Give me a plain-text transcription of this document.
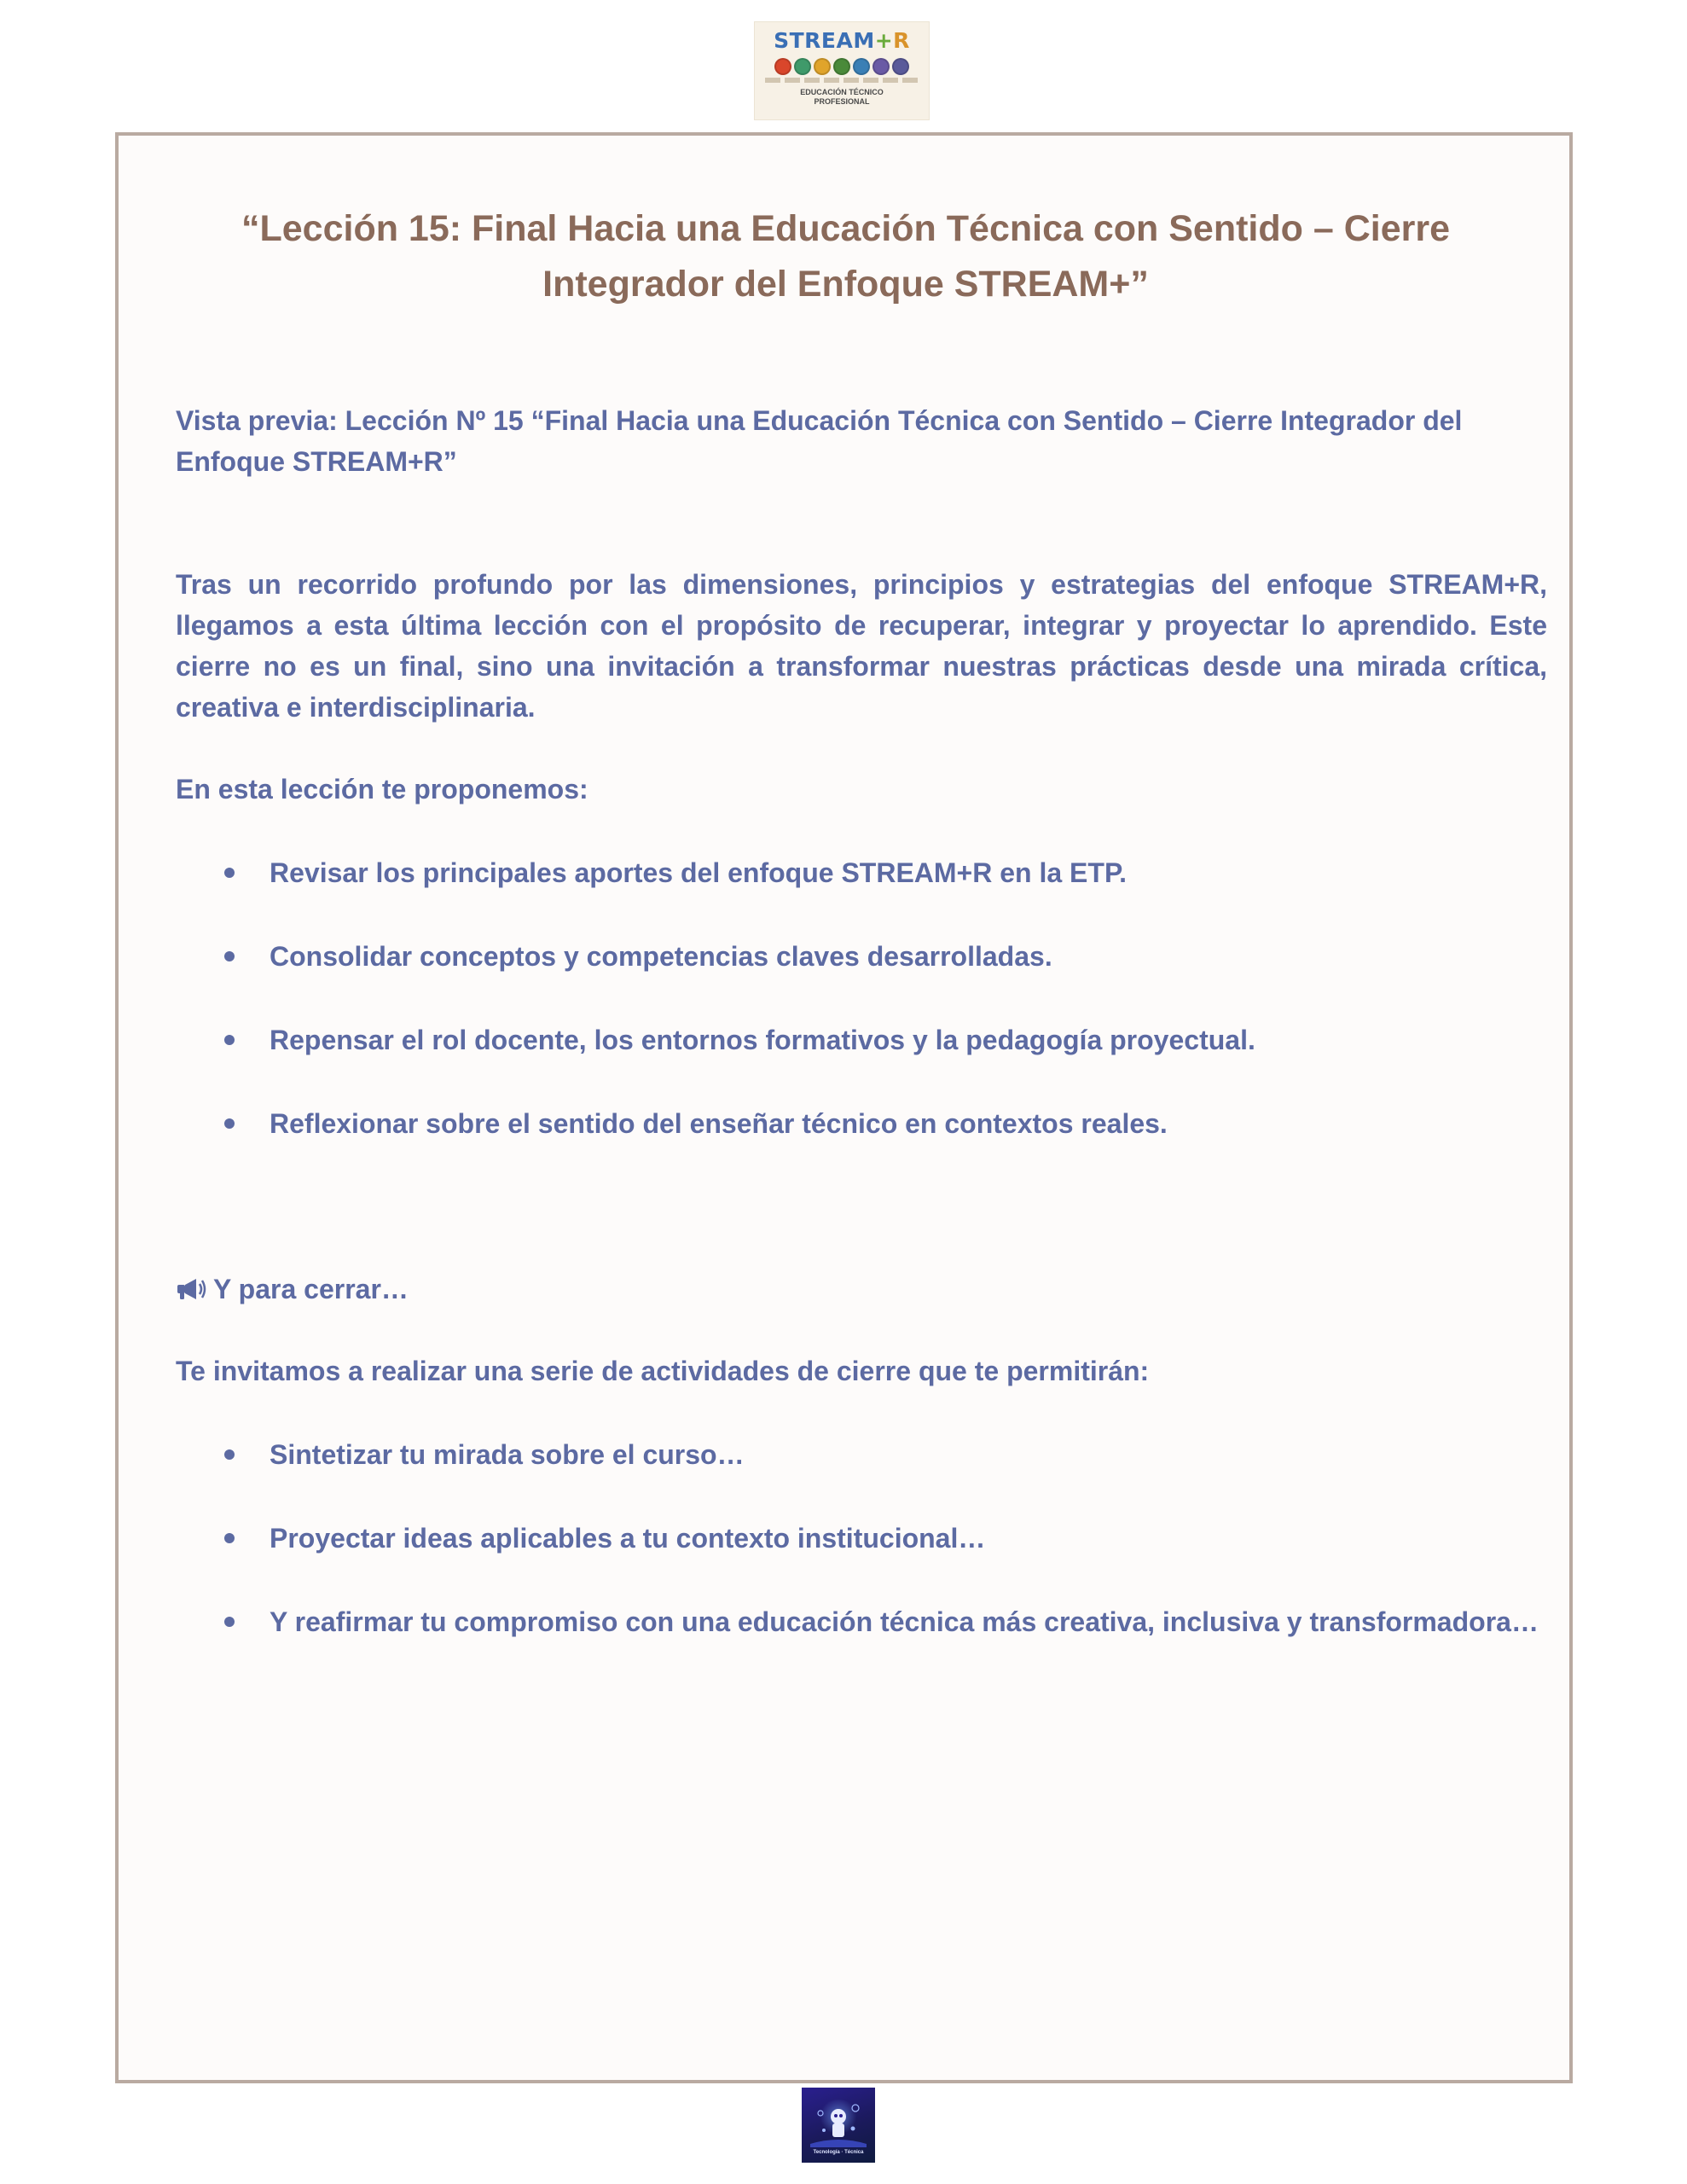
STREAM+R
EDUCACIÓN TÉCNICO
PROFESIONAL
“Lección 15: Final Hacia una Educación Técnica con Sentido – Cierre Integrador del Enfoque STREAM+”

Vista previa: Lección Nº 15 “Final Hacia una Educación Técnica con Sentido – Cierre Integrador del Enfoque STREAM+R”

Tras un recorrido profundo por las dimensiones, principios y estrategias del enfoque STREAM+R, llegamos a esta última lección con el propósito de recuperar, integrar y proyectar lo aprendido. Este cierre no es un final, sino una invitación a transformar nuestras prácticas desde una mirada crítica, creativa e interdisciplinaria.

En esta lección te proponemos:

Revisar los principales aportes del enfoque STREAM+R en la ETP.
Consolidar conceptos y competencias claves desarrolladas.
Repensar el rol docente, los entornos formativos y la pedagogía proyectual.
Reflexionar sobre el sentido del enseñar técnico en contextos reales.

Y para cerrar…

Te invitamos a realizar una serie de actividades de cierre que te permitirán:

Sintetizar tu mirada sobre el curso…
Proyectar ideas aplicables a tu contexto institucional…
Y reafirmar tu compromiso con una educación técnica más creativa, inclusiva y transformadora…
Tecnología · Técnica
